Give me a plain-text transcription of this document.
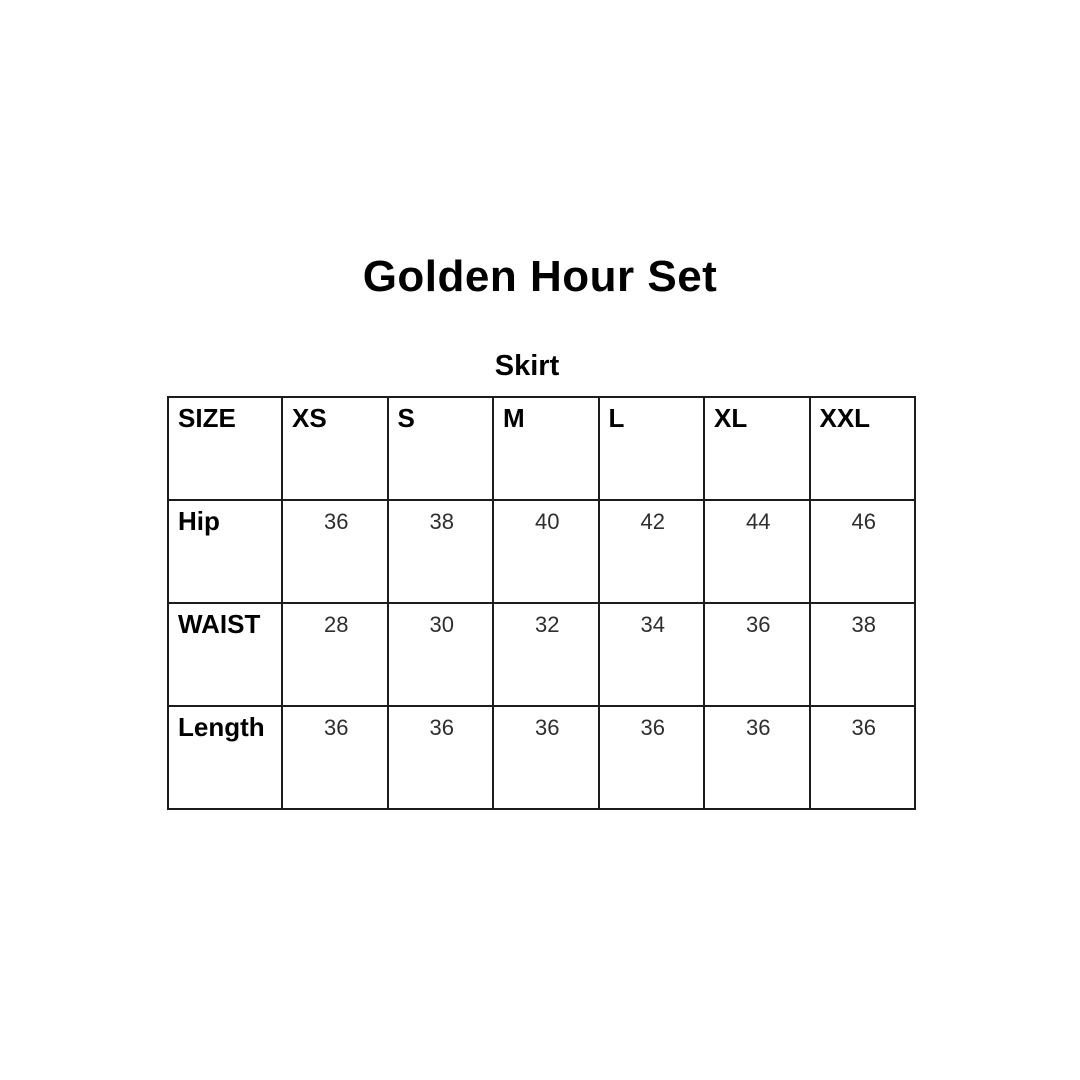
Golden Hour Set
Skirt
SIZE	XS	S	M	L	XL	XXL
Hip	36	38	40	42	44	46
WAIST	28	30	32	34	36	38
Length	36	36	36	36	36	36
